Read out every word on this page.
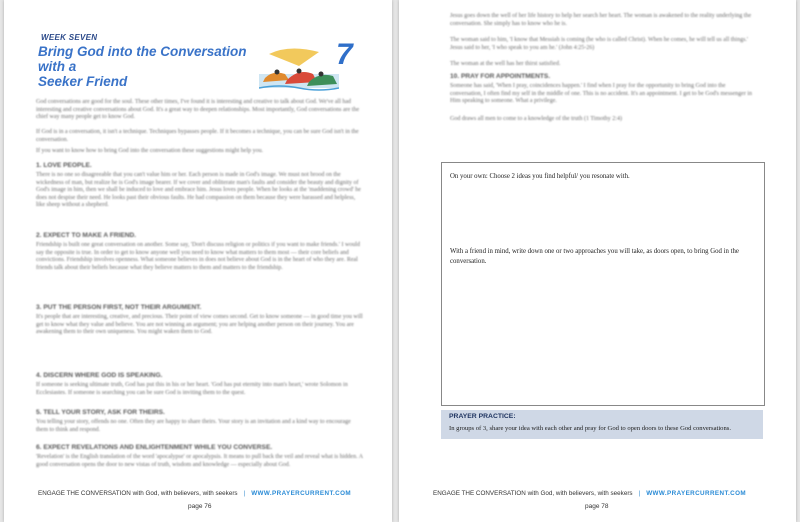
WEEK SEVEN
Bring God into the Conversation with a
Seeker Friend
7
God conversations are good for the soul. These other times, I've found it is interesting and creative to talk about God. We've all had interesting and creative conversations about God. It's a great way to deepen relationships. Most importantly, God conversations are the chief way many people get to know God.
If God is in a conversation, it isn't a technique. Techniques bypasses people. If it becomes a technique, you can be sure God isn't in the conversation.
If you want to know how to bring God into the conversation these suggestions might help you.
1. LOVE PEOPLE.
There is no one so disagreeable that you can't value him or her. Each person is made in God's image. We must not brood on the wickedness of man, but realize he is God's image bearer. If we cover and obliterate man's faults and consider the beauty and dignity of God's image in him, then we shall be induced to love and embrace him. Jesus loves people. When he looks at the 'maddening crowd' he does not despise their need. He looks past their obvious faults. He had compassion on them because they were harassed and helpless, like sheep without a shepherd.
2. EXPECT TO MAKE A FRIEND.
Friendship is built one great conversation on another. Some say, 'Don't discuss religion or politics if you want to make friends.' I would say the opposite is true. In order to get to know anyone well you need to know what matters to them most — their core beliefs and convictions. Friendship involves openness. What someone believes in does not believe about God is in the heart of who they are. Real friends talk about their beliefs because what they believe matters to them and matters to the friendship.
3. PUT THE PERSON FIRST, NOT THEIR ARGUMENT.
It's people that are interesting, creative, and precious. Their point of view comes second. Get to know someone — in good time you will get to know what they value and believe. You are not winning an argument; you are helping another person on their journey. You are awakening them to their own uniqueness. You might waken them to God.
4. DISCERN WHERE GOD IS SPEAKING.
If someone is seeking ultimate truth, God has put this in his or her heart. 'God has put eternity into man's heart,' wrote Solomon in Ecclesiastes. If someone is searching you can be sure God is inviting them to the quest.
5. TELL YOUR STORY, ASK FOR THEIRS.
You telling your story, offends no one. Often they are happy to share theirs. Your story is an invitation and a kind way to encourage them to think and respond.
6. EXPECT REVELATIONS AND ENLIGHTENMENT WHILE YOU CONVERSE.
'Revelation' is the English translation of the word 'apocalypse' or apocalypsis. It means to pull back the veil and reveal what is hidden. A good conversation opens the door to new vistas of truth, wisdom and knowledge — especially about God.
ENGAGE THE CONVERSATION with God, with believers, with seekers | WWW.PRAYERCURRENT.COM
page 76
Jesus goes down the well of her life history to help her search her heart. The woman is awakened to the reality underlying the conversation. She simply has to know who he is.
The woman said to him, 'I know that Messiah is coming (he who is called Christ). When he comes, he will tell us all things.' Jesus said to her, 'I who speak to you am he.' (John 4:25-26)
The woman at the well has her thirst satisfied.
10. PRAY FOR APPOINTMENTS.
Someone has said, 'When I pray, coincidences happen.' I find when I pray for the opportunity to bring God into the conversation, I often find my self in the middle of one. This is no accident. It's an appointment. I get to be God's messenger in Him speaking to someone. What a privilege.
God draws all men to come to a knowledge of the truth (1 Timothy 2:4)
On your own: Choose 2 ideas you find helpful/ you resonate with.
With a friend in mind, write down one or two approaches you will take, as doors open, to bring God in the conversation.
PRAYER PRACTICE:
In groups of 3, share your idea with each other and pray for God to open doors to these God conversations.
ENGAGE THE CONVERSATION with God, with believers, with seekers | WWW.PRAYERCURRENT.COM
page 78
